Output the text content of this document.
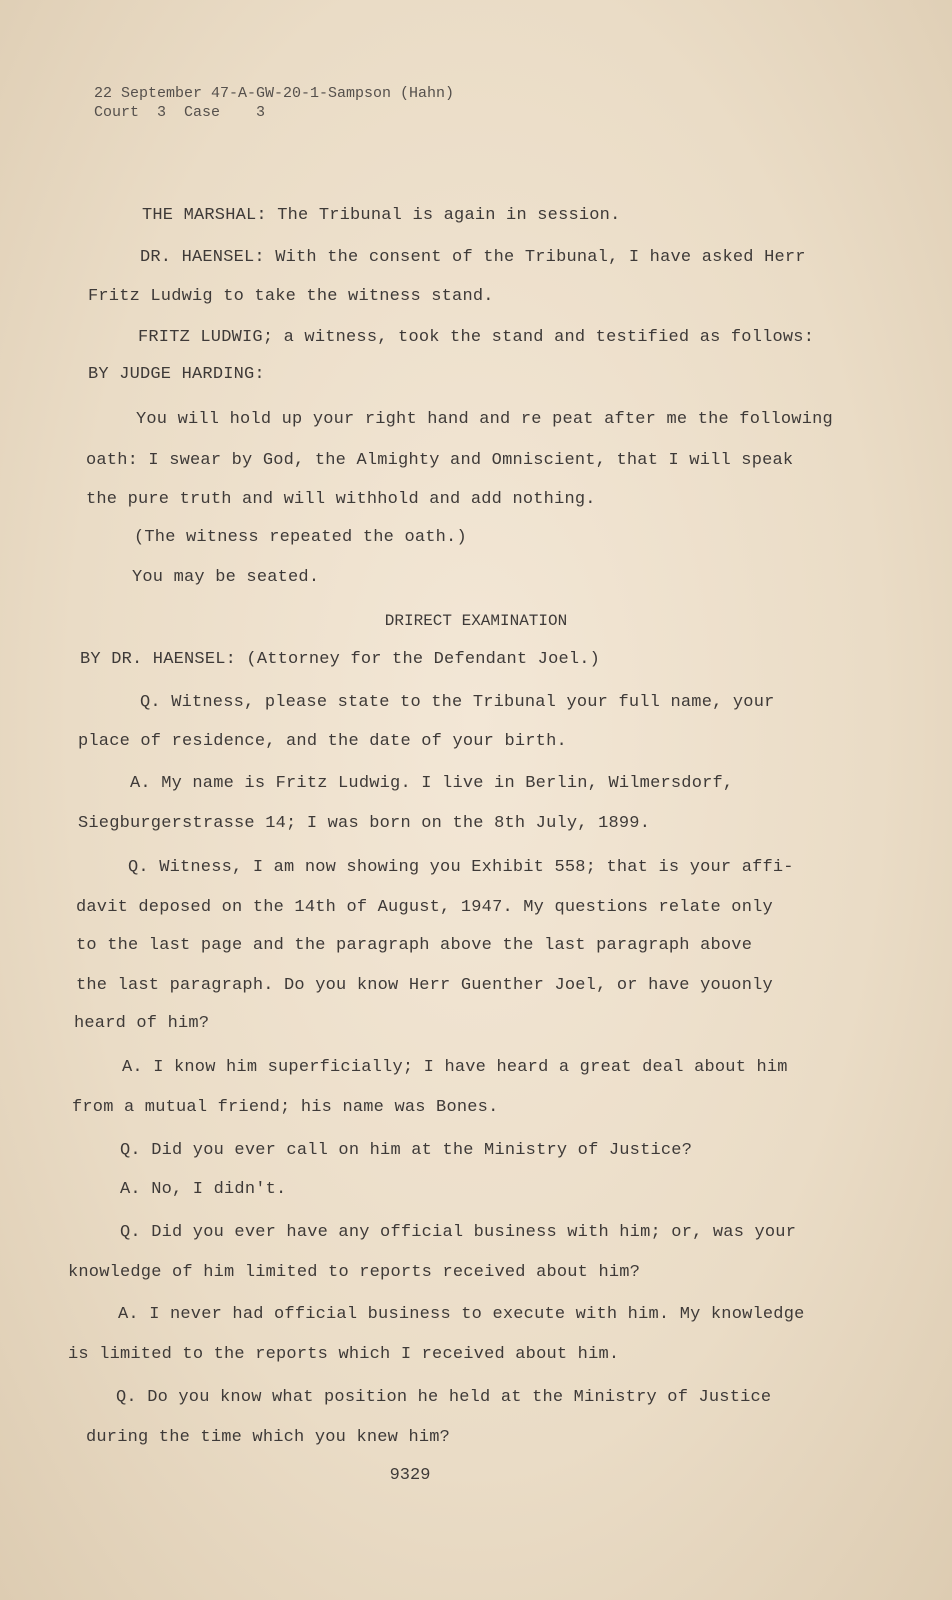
22 September 47-A-GW-20-1-Sampson (Hahn)
Court  3  Case    3
THE MARSHAL: The Tribunal is again in session.
DR. HAENSEL: With the consent of the Tribunal, I have asked Herr
Fritz Ludwig to take the witness stand.
FRITZ LUDWIG; a witness, took the stand and testified as follows:
BY JUDGE HARDING:
You will hold up your right hand and re peat after me the following
oath: I swear by God, the Almighty and Omniscient, that I will speak
the pure truth and will withhold and add nothing.
(The witness repeated the oath.)
You may be seated.
DRIRECT EXAMINATION
BY DR. HAENSEL: (Attorney for the Defendant Joel.)
Q. Witness, please state to the Tribunal your full name, your
place of residence, and the date of your birth.
A. My name is Fritz Ludwig. I live in Berlin, Wilmersdorf,
Siegburgerstrasse 14; I was born on the 8th July, 1899.
Q. Witness, I am now showing you Exhibit 558; that is your affi-
davit deposed on the 14th of August, 1947. My questions relate only
to the last page and the paragraph above the last paragraph above
the last paragraph. Do you know Herr Guenther Joel, or have youonly
heard of him?
A. I know him superficially; I have heard a great deal about him
from a mutual friend; his name was Bones.
Q. Did you ever call on him at the Ministry of Justice?
A. No, I didn't.
Q. Did you ever have any official business with him; or, was your
knowledge of him limited to reports received about him?
A. I never had official business to execute with him. My knowledge
is limited to the reports which I received about him.
Q. Do you know what position he held at the Ministry of Justice
during the time which you knew him?
9329
